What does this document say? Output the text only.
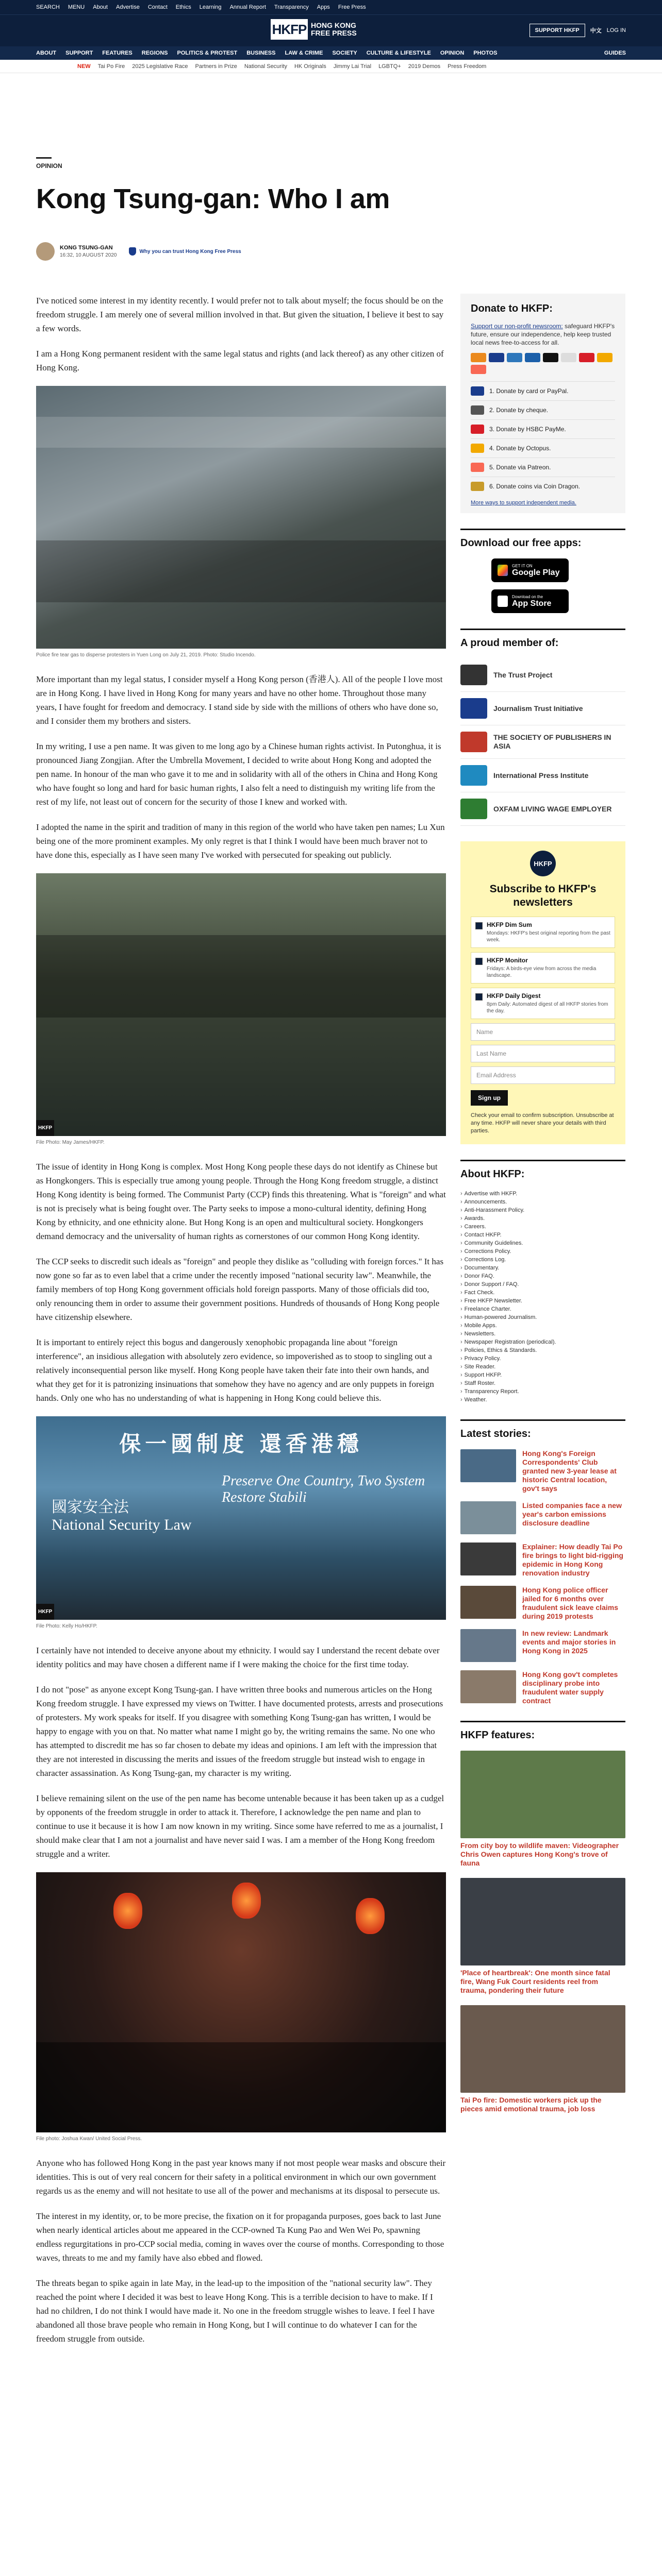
SEARCH MENU About Advertise Contact Ethics Learning Annual Report Transparency Apps Free Press
HKFP HONG KONG FREE PRESS	SUPPORT HKFP	中文 LOG IN
ABOUT SUPPORT FEATURES REGIONS POLITICS & PROTEST BUSINESS LAW & CRIME SOCIETY CULTURE & LIFESTYLE OPINION PHOTOS	GUIDES
NEW Tai Po Fire 2025 Legislative Race Partners in Prize National Security HK Originals Jimmy Lai Trial LGBTQ+ 2019 Demos Press Freedom
OPINION
Kong Tsung-gan: Who I am
KONG TSUNG-GAN
16:32, 10 AUGUST 2020
Why you can trust Hong Kong Free Press

I've noticed some interest in my identity recently. I would prefer not to talk about myself; the focus should be on the freedom struggle. I am merely one of several million involved in that. But given the situation, I believe it best to say a few words.

I am a Hong Kong permanent resident with the same legal status and rights (and lack thereof) as any other citizen of Hong Kong.

Police fire tear gas to disperse protesters in Yuen Long on July 21, 2019. Photo: Studio Incendo.

More important than my legal status, I consider myself a Hong Kong person (香港人). All of the people I love most are in Hong Kong. I have lived in Hong Kong for many years and have no other home. Throughout those many years, I have fought for freedom and democracy. I stand side by side with the millions of others who have done so, and I consider them my brothers and sisters.

In my writing, I use a pen name. It was given to me long ago by a Chinese human rights activist. In Putonghua, it is pronounced Jiang Zongjian. After the Umbrella Movement, I decided to write about Hong Kong and adopted the pen name. In honour of the man who gave it to me and in solidarity with all of the others in China and Hong Kong who have fought so long and hard for basic human rights, I also felt a need to distinguish my writing life from the rest of my life, not least out of concern for the security of those I knew and worked with.

I adopted the name in the spirit and tradition of many in this region of the world who have taken pen names; Lu Xun being one of the more prominent examples. My only regret is that I think I would have been much braver not to have done this, especially as I have seen many I've worked with persecuted for speaking out publicly.

HKFP
File Photo: May James/HKFP.

The issue of identity in Hong Kong is complex. Most Hong Kong people these days do not identify as Chinese but as Hongkongers. This is especially true among young people. Through the Hong Kong freedom struggle, a distinct Hong Kong identity is being formed. The Communist Party (CCP) finds this threatening. What is "foreign" and what is not is precisely what is being fought over. The Party seeks to impose a mono-cultural identity, defining Hong Kong by ethnicity, and one ethnicity alone. But Hong Kong is an open and multicultural society. Hongkongers demand democracy and the universality of human rights as cornerstones of our common Hong Kong identity.

The CCP seeks to discredit such ideals as "foreign" and people they dislike as "colluding with foreign forces." It has now gone so far as to even label that a crime under the recently imposed "national security law". Meanwhile, the family members of top Hong Kong government officials hold foreign passports. Many of those officials did too, only renouncing them in order to assume their government positions. Hundreds of thousands of Hong Kong people have citizenship elsewhere.

It is important to entirely reject this bogus and dangerously xenophobic propaganda line about "foreign interference", an insidious allegation with absolutely zero evidence, so impoverished as to stoop to singling out a relatively inconsequential person like myself. Hong Kong people have taken their fate into their own hands, and what they get for it is patronizing insinuations that somehow they have no agency and are only puppets in foreign hands. Only one who has no understanding of what is happening in Hong Kong could believe this.

保一國制度 還香港穩
Preserve One Country, Two System
Restore Stabili
國家安全法
National Security Law
HKFP
File Photo: Kelly Ho/HKFP.

I certainly have not intended to deceive anyone about my ethnicity. I would say I understand the recent debate over identity politics and may have chosen a different name if I were making the choice for the first time today.

I do not "pose" as anyone except Kong Tsung-gan. I have written three books and numerous articles on the Hong Kong freedom struggle. I have expressed my views on Twitter. I have documented protests, arrests and prosecutions of protesters. My work speaks for itself. If you disagree with something Kong Tsung-gan has written, I would be happy to engage with you on that. No matter what name I might go by, the writing remains the same. No one who has attempted to discredit me has so far chosen to debate my ideas and opinions. I am left with the impression that they are not interested in discussing the merits and issues of the freedom struggle but instead wish to engage in character assassination. As Kong Tsung-gan, my character is my writing.

I believe remaining silent on the use of the pen name has become untenable because it has been taken up as a cudgel by opponents of the freedom struggle in order to attack it. Therefore, I acknowledge the pen name and plan to continue to use it because it is how I am now known in my writing. Since some have referred to me as a journalist, I should make clear that I am not a journalist and have never said I was. I am a member of the Hong Kong freedom struggle and a writer.

File photo: Joshua Kwan/ United Social Press.

Anyone who has followed Hong Kong in the past year knows many if not most people wear masks and obscure their identities. This is out of very real concern for their safety in a political environment in which our own government regards us as the enemy and will not hesitate to use all of the power and mechanisms at its disposal to persecute us.

The interest in my identity, or, to be more precise, the fixation on it for propaganda purposes, goes back to last June when nearly identical articles about me appeared in the CCP-owned Ta Kung Pao and Wen Wei Po, spawning endless regurgitations in pro-CCP social media, coming in waves over the course of months. Corresponding to those waves, threats to me and my family have also ebbed and flowed.

The threats began to spike again in late May, in the lead-up to the imposition of the "national security law". They reached the point where I decided it was best to leave Hong Kong. This is a terrible decision to have to make. If I had no children, I do not think I would have made it. No one in the freedom struggle wishes to leave. I feel I have abandoned all those brave people who remain in Hong Kong, but I will continue to do whatever I can for the freedom struggle from outside.

Donate to HKFP:
Support our non-profit newsroom: safeguard HKFP's future, ensure our independence, help keep trusted local news free-to-access for all.
1. Donate by card or PayPal.
2. Donate by cheque.
3. Donate by HSBC PayMe.
4. Donate by Octopus.
5. Donate via Patreon.
6. Donate coins via Coin Dragon.
More ways to support independent media.
Download our free apps:
GET IT ON
Google Play
Download on the
App Store
A proud member of:
The Trust Project
Journalism Trust Initiative
THE SOCIETY OF PUBLISHERS IN ASIA
International Press Institute
OXFAM LIVING WAGE EMPLOYER
HKFP
Subscribe to HKFP's newsletters
HKFP Dim Sum
Mondays: HKFP's best original reporting from the past week.
HKFP Monitor
Fridays: A birds-eye view from across the media landscape.
HKFP Daily Digest
8pm Daily: Automated digest of all HKFP stories from the day.
Name
Last Name
Email Address
Sign up
Check your email to confirm subscription. Unsubscribe at any time. HKFP will never share your details with third parties.
About HKFP:
› Advertise with HKFP.
› Announcements.
› Anti-Harassment Policy.
› Awards.
› Careers.
› Contact HKFP.
› Community Guidelines.
› Corrections Policy.
› Corrections Log.
› Documentary.
› Donor FAQ.
› Donor Support / FAQ.
› Fact Check.
› Free HKFP Newsletter.
› Freelance Charter.
› Human-powered Journalism.
› Mobile Apps.
› Newsletters.
› Newspaper Registration (periodical).
› Policies, Ethics & Standards.
› Privacy Policy.
› Site Reader.
› Support HKFP.
› Staff Roster.
› Transparency Report.
› Weather.
Latest stories:
Hong Kong's Foreign Correspondents' Club granted new 3-year lease at historic Central location, gov't says
Listed companies face a new year's carbon emissions disclosure deadline
Explainer: How deadly Tai Po fire brings to light bid-rigging epidemic in Hong Kong renovation industry
Hong Kong police officer jailed for 6 months over fraudulent sick leave claims during 2019 protests
In new review: Landmark events and major stories in Hong Kong in 2025
Hong Kong gov't completes disciplinary probe into fraudulent water supply contract
HKFP features:
From city boy to wildlife maven: Videographer Chris Owen captures Hong Kong's trove of fauna
'Place of heartbreak': One month since fatal fire, Wang Fuk Court residents reel from trauma, pondering their future
Tai Po fire: Domestic workers pick up the pieces amid emotional trauma, job loss
